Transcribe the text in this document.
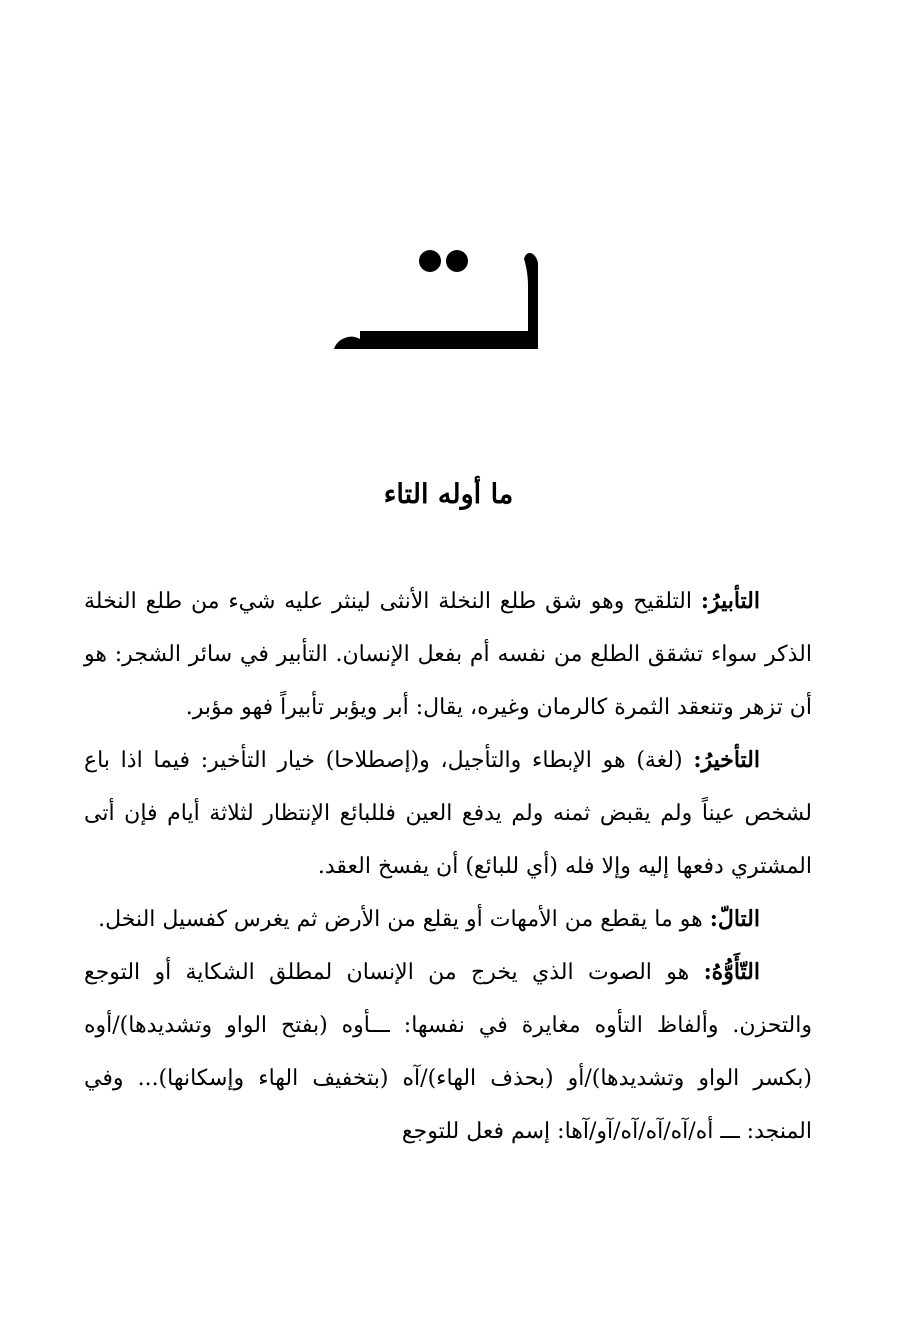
ما أوله التاء

التأبيرُ: التلقيح وهو شق طلع النخلة الأنثى لينثر عليه شيء من طلع النخلة الذكر سواء تشقق الطلع من نفسه أم بفعل الإنسان. التأبير في سائر الشجر: هو أن تزهر وتنعقد الثمرة كالرمان وغيره، يقال: أبر ويؤبر تأبيراً فهو مؤبر.

التأخيرُ: (لغة) هو الإبطاء والتأجيل، و(إصطلاحا) خيار التأخير: فيما اذا باع لشخص عيناً ولم يقبض ثمنه ولم يدفع العين فللبائع الإنتظار لثلاثة أيام فإن أتى المشتري دفعها إليه وإلا فله (أي للبائع) أن يفسخ العقد.

التالّ: هو ما يقطع من الأمهات أو يقلع من الأرض ثم يغرس كفسيل النخل.

التّأَوُّهُ: هو الصوت الذي يخرج من الإنسان لمطلق الشكاية أو التوجع والتحزن. وألفاظ التأوه مغايرة في نفسها: ـــأوه (بفتح الواو وتشديدها)/أوه (بكسر الواو وتشديدها)/أو (بحذف الهاء)/آه (بتخفيف الهاء وإسكانها)... وفي المنجد: ـــ أه/آه/آه/آه/آو/آها: إسم فعل للتوجع
